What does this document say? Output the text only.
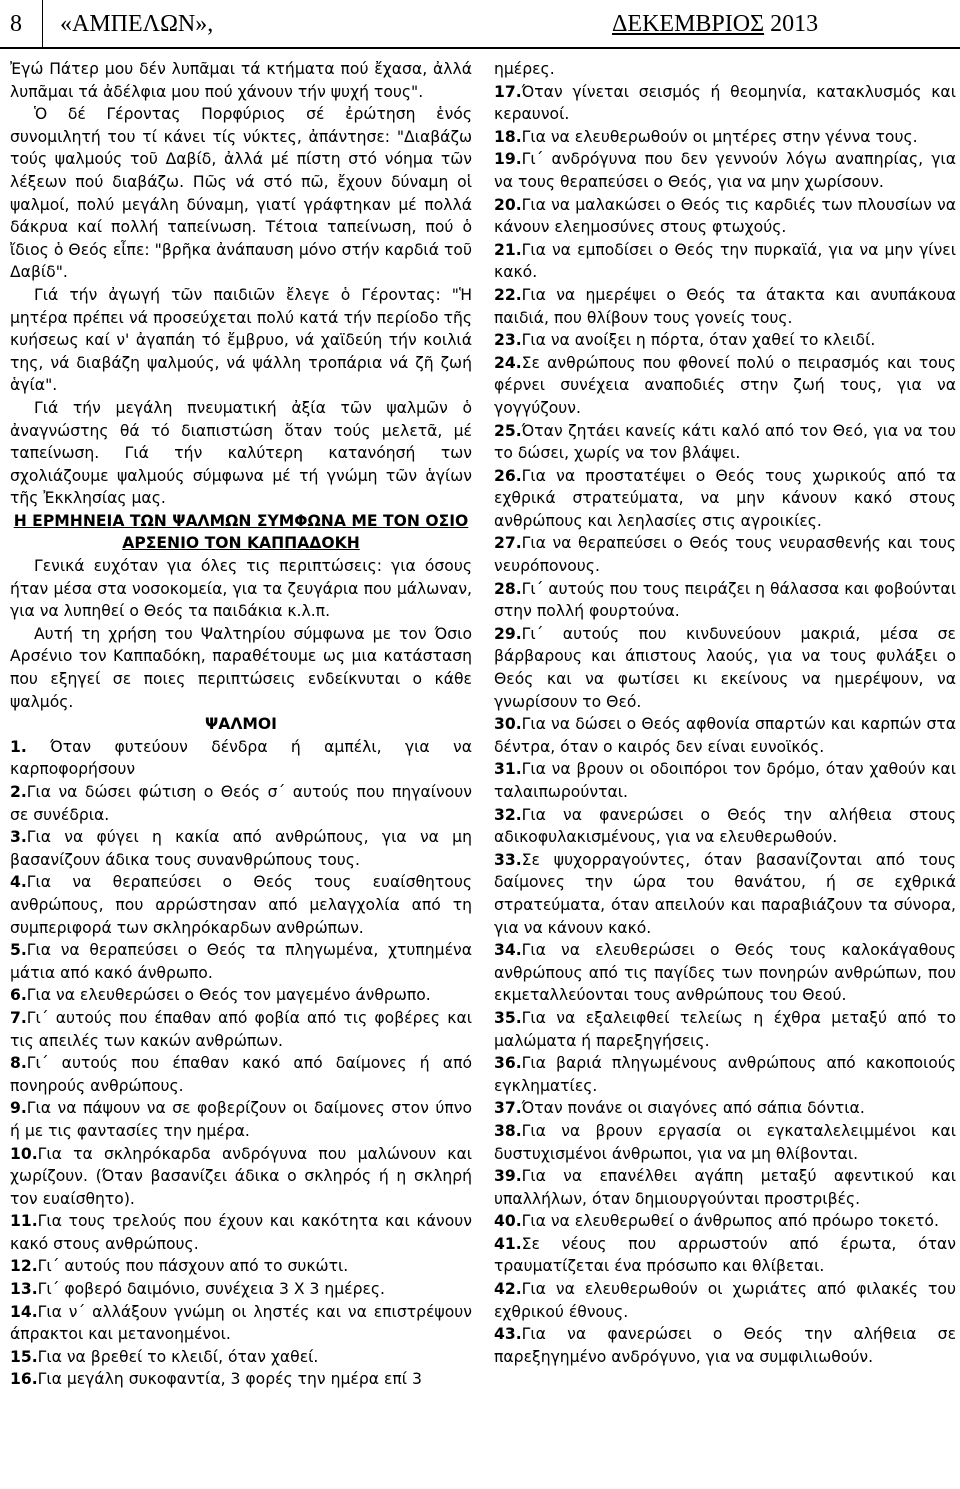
8 «ΑΜΠΕΛΩΝ»,	ΔΕΚΕΜΒΡΙΟΣ 2013

Ἐγώ Πάτερ μου δέν λυπᾶμαι τά κτήματα πού ἔχασα, ἀλλά λυπᾶμαι τά ἀδέλφια μου πού χάνουν τήν ψυχή τους".

Ὁ δέ Γέροντας Πορφύριος σέ ἐρώτηση ἑνός συνομιλητή του τί κάνει τίς νύκτες, ἀπάντησε: "Διαβάζω τούς ψαλμούς τοῦ Δαβίδ, ἀλλά μέ πίστη στό νόημα τῶν λέξεων πού διαβάζω. Πῶς νά στό πῶ, ἔχουν δύναμη οἱ ψαλμοί, πολύ μεγάλη δύναμη, γιατί γράφτηκαν μέ πολλά δάκρυα καί πολλή ταπείνωση. Τέτοια ταπείνωση, πού ὁ ἴδιος ὁ Θεός εἶπε: "βρῆκα ἀνάπαυση μόνο στήν καρδιά τοῦ Δαβίδ".

Γιά τήν ἀγωγή τῶν παιδιῶν ἔλεγε ὁ Γέροντας: "Ἡ μητέρα πρέπει νά προσεύχεται πολύ κατά τήν περίοδο τῆς κυήσεως καί ν' ἀγαπάη τό ἔμβρυο, νά χαϊδεύη τήν κοιλιά της, νά διαβάζη ψαλμούς, νά ψάλλη τροπάρια νά ζῆ ζωή ἁγία".

Γιά τήν μεγάλη πνευματική ἀξία τῶν ψαλμῶν ὁ ἀναγνώστης θά τό διαπιστώση ὅταν τούς μελετᾶ, μέ ταπείνωση. Γιά τήν καλύτερη κατανόησή των σχολιάζουμε ψαλμούς σύμφωνα μέ τή γνώμη τῶν ἁγίων τῆς Ἐκκλησίας μας.

Η ΕΡΜΗΝΕΙΑ ΤΩΝ ΨΑΛΜΩΝ ΣΥΜΦΩΝΑ ΜΕ ΤΟΝ ΟΣΙΟ ΑΡΣΕΝΙΟ ΤΟΝ ΚΑΠΠΑΔΟΚΗ

Γενικά ευχόταν για όλες τις περιπτώσεις: για όσους ήταν μέσα στα νοσοκομεία, για τα ζευγάρια που μάλωναν, για να λυπηθεί ο Θεός τα παιδάκια κ.λ.π.

Αυτή τη χρήση του Ψαλτηρίου σύμφωνα με τον Όσιο Αρσένιο τον Καππαδόκη, παραθέτουμε ως μια κατάσταση που εξηγεί σε ποιες περιπτώσεις ενδείκνυται ο κάθε ψαλμός.

ΨΑΛΜΟΙ

1. Όταν φυτεύουν δένδρα ή αμπέλι, για να καρποφορήσουν

2.Για να δώσει φώτιση ο Θεός σ΄ αυτούς που πηγαίνουν σε συνέδρια.

3.Για να φύγει η κακία από ανθρώπους, για να μη βασανίζουν άδικα τους συνανθρώπους τους.

4.Για να θεραπεύσει ο Θεός τους ευαίσθητους ανθρώπους, που αρρώστησαν από μελαγχολία από τη συμπεριφορά των σκληρόκαρδων ανθρώπων.

5.Για να θεραπεύσει ο Θεός τα πληγωμένα, χτυπημένα μάτια από κακό άνθρωπο.

6.Για να ελευθερώσει ο Θεός τον μαγεμένο άνθρωπο.

7.Γι΄ αυτούς που έπαθαν από φοβία από τις φοβέρες και τις απειλές των κακών ανθρώπων.

8.Γι΄ αυτούς που έπαθαν κακό από δαίμονες ή από πονηρούς ανθρώπους.

9.Για να πάψουν να σε φοβερίζουν οι δαίμονες στον ύπνο ή με τις φαντασίες την ημέρα.

10.Για τα σκληρόκαρδα ανδρόγυνα που μαλώνουν και χωρίζουν. (Όταν βασανίζει άδικα ο σκληρός ή η σκληρή τον ευαίσθητο).

11.Για τους τρελούς που έχουν και κακότητα και κάνουν κακό στους ανθρώπους.

12.Γι΄ αυτούς που πάσχουν από το συκώτι.

13.Γι΄ φοβερό δαιμόνιο, συνέχεια 3 Χ 3 ημέρες.

14.Για ν΄ αλλάξουν γνώμη οι ληστές και να επιστρέψουν άπρακτοι και μετανοημένοι.

15.Για να βρεθεί το κλειδί, όταν χαθεί.

16.Για μεγάλη συκοφαντία, 3 φορές την ημέρα επί 3

ημέρες.

17.Όταν γίνεται σεισμός ή θεομηνία, κατακλυσμός και κεραυνοί.

18.Για να ελευθερωθούν οι μητέρες στην γέννα τους.

19.Γι΄ ανδρόγυνα που δεν γεννούν λόγω αναπηρίας, για να τους θεραπεύσει ο Θεός, για να μην χωρίσουν.

20.Για να μαλακώσει ο Θεός τις καρδιές των πλουσίων να κάνουν ελεημοσύνες στους φτωχούς.

21.Για να εμποδίσει ο Θεός την πυρκαϊά, για να μην γίνει κακό.

22.Για να ημερέψει ο Θεός τα άτακτα και ανυπάκουα παιδιά, που θλίβουν τους γονείς τους.

23.Για να ανοίξει η πόρτα, όταν χαθεί το κλειδί.

24.Σε ανθρώπους που φθονεί πολύ ο πειρασμός και τους φέρνει συνέχεια αναποδιές στην ζωή τους, για να γογγύζουν.

25.Όταν ζητάει κανείς κάτι καλό από τον Θεό, για να του το δώσει, χωρίς να τον βλάψει.

26.Για να προστατέψει ο Θεός τους χωρικούς από τα εχθρικά στρατεύματα, να μην κάνουν κακό στους ανθρώπους και λεηλασίες στις αγροικίες.

27.Για να θεραπεύσει ο Θεός τους νευρασθενής και τους νευρόπονους.

28.Γι΄ αυτούς που τους πειράζει η θάλασσα και φοβούνται στην πολλή φουρτούνα.

29.Γι΄ αυτούς που κινδυνεύουν μακριά, μέσα σε βάρβαρους και άπιστους λαούς, για να τους φυλάξει ο Θεός και να φωτίσει κι εκείνους να ημερέψουν, να γνωρίσουν το Θεό.

30.Για να δώσει ο Θεός αφθονία σπαρτών και καρπών στα δέντρα, όταν ο καιρός δεν είναι ευνοϊκός.

31.Για να βρουν οι οδοιπόροι τον δρόμο, όταν χαθούν και ταλαιπωρούνται.

32.Για να φανερώσει ο Θεός την αλήθεια στους αδικοφυλακισμένους, για να ελευθερωθούν.

33.Σε ψυχορραγούντες, όταν βασανίζονται από τους δαίμονες την ώρα του θανάτου, ή σε εχθρικά στρατεύματα, όταν απειλούν και παραβιάζουν τα σύνορα, για να κάνουν κακό.

34.Για να ελευθερώσει ο Θεός τους καλοκάγαθους ανθρώπους από τις παγίδες των πονηρών ανθρώπων, που εκμεταλλεύονται τους ανθρώπους του Θεού.

35.Για να εξαλειφθεί τελείως η έχθρα μεταξύ από το μαλώματα ή παρεξηγήσεις.

36.Για βαριά πληγωμένους ανθρώπους από κακοποιούς εγκληματίες.

37.Όταν πονάνε οι σιαγόνες από σάπια δόντια.

38.Για να βρουν εργασία οι εγκαταλελειμμένοι και δυστυχισμένοι άνθρωποι, για να μη θλίβονται.

39.Για να επανέλθει αγάπη μεταξύ αφεντικού και υπαλλήλων, όταν δημιουργούνται προστριβές.

40.Για να ελευθερωθεί ο άνθρωπος από πρόωρο τοκετό.

41.Σε νέους που αρρωστούν από έρωτα, όταν τραυματίζεται ένα πρόσωπο και θλίβεται.

42.Για να ελευθερωθούν οι χωριάτες από φιλακές του εχθρικού έθνους.

43.Για να φανερώσει ο Θεός την αλήθεια σε παρεξηγημένο ανδρόγυνο, για να συμφιλιωθούν.
